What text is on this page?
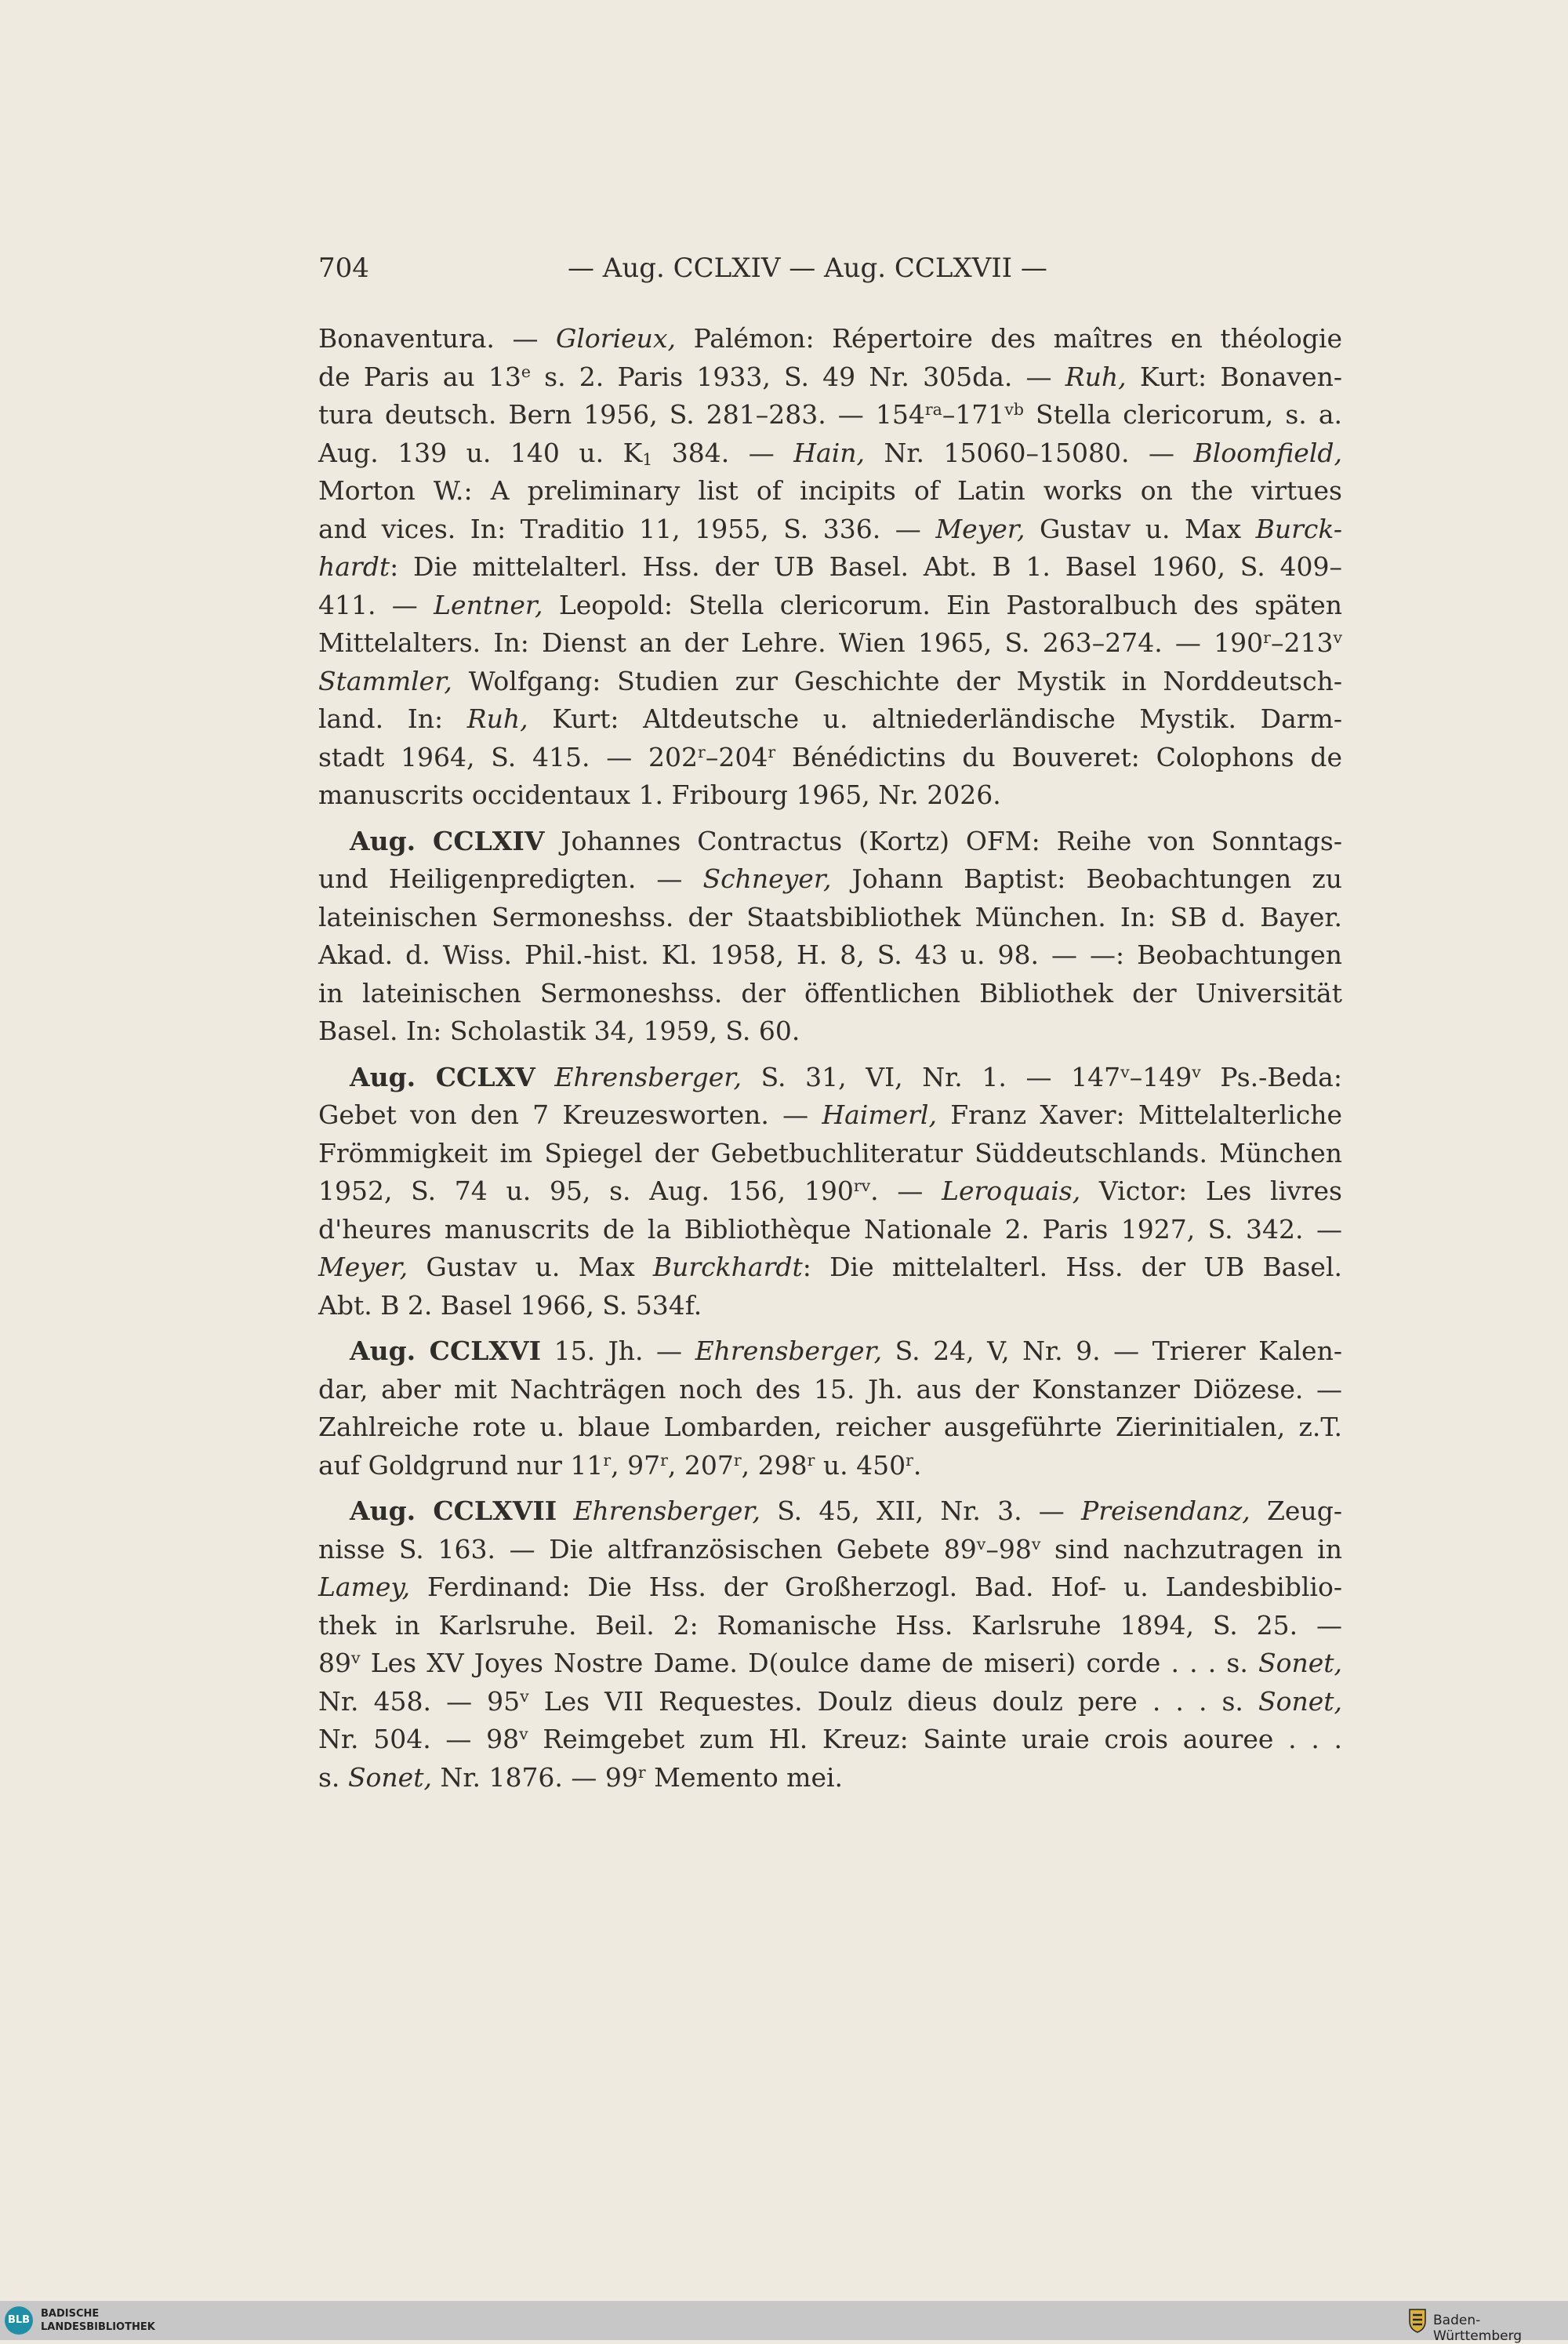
704	— Aug. CCLXIV — Aug. CCLXVII —
Bonaventura. — Glorieux, Palémon: Répertoire des maîtres en théologie
de Paris au 13e s. 2. Paris 1933, S. 49 Nr. 305da. — Ruh, Kurt: Bonaven-
tura deutsch. Bern 1956, S. 281–283. — $154^{ra}-171^{vb}$ Stella clericorum, s. a.
Aug. 139 u. 140 u. $K_1$ 384. — Hain, Nr. 15060–15080. — Bloomfield,
Morton W.: A preliminary list of incipits of Latin works on the virtues
and vices. In: Traditio 11, 1955, S. 336. — Meyer, Gustav u. Max Burck-
hardt: Die mittelalterl. Hss. der UB Basel. Abt. B 1. Basel 1960, S. 409–
411. — Lentner, Leopold: Stella clericorum. Ein Pastoralbuch des späten
Mittelalters. In: Dienst an der Lehre. Wien 1965, S. 263–274. — 190$^r$–213$^v$
Stammler, Wolfgang: Studien zur Geschichte der Mystik in Norddeutsch-
land. In: Ruh, Kurt: Altdeutsche u. altniederländische Mystik. Darm-
stadt 1964, S. 415. — 202$^r$–204$^r$ Bénédictins du Bouveret: Colophons de
manuscrits occidentaux 1. Fribourg 1965, Nr. 2026.
Aug. CCLXIV Johannes Contractus (Kortz) OFM: Reihe von Sonntags-
und Heiligenpredigten. — Schneyer, Johann Baptist: Beobachtungen zu
lateinischen Sermoneshss. der Staatsbibliothek München. In: SB d. Bayer.
Akad. d. Wiss. Phil.-hist. Kl. 1958, H. 8, S. 43 u. 98. — —: Beobachtungen
in lateinischen Sermoneshss. der öffentlichen Bibliothek der Universität
Basel. In: Scholastik 34, 1959, S. 60.
Aug. CCLXV Ehrensberger, S. 31, VI, Nr. 1. — 147$^v$–149$^v$ Ps.-Beda:
Gebet von den 7 Kreuzesworten. — Haimerl, Franz Xaver: Mittelalterliche
Frömmigkeit im Spiegel der Gebetbuchliteratur Süddeutschlands. München
1952, S. 74 u. 95, s. Aug. 156, $190^{rv}$. — Leroquais, Victor: Les livres
d'heures manuscrits de la Bibliothèque Nationale 2. Paris 1927, S. 342. —
Meyer, Gustav u. Max Burckhardt: Die mittelalterl. Hss. der UB Basel.
Abt. B 2. Basel 1966, S. 534f.
Aug. CCLXVI 15. Jh. — Ehrensberger, S. 24, V, Nr. 9. — Trierer Kalen-
dar, aber mit Nachträgen noch des 15. Jh. aus der Konstanzer Diözese. —
Zahlreiche rote u. blaue Lombarden, reicher ausgeführte Zierinitialen, z.T.
auf Goldgrund nur 11$^r$, 97$^r$, 207$^r$, 298$^r$ u. 450$^r$.
Aug. CCLXVII Ehrensberger, S. 45, XII, Nr. 3. — Preisendanz, Zeug-
nisse S. 163. — Die altfranzösischen Gebete 89$^v$–98$^v$ sind nachzutragen in
Lamey, Ferdinand: Die Hss. der Großherzogl. Bad. Hof- u. Landesbiblio-
thek in Karlsruhe. Beil. 2: Romanische Hss. Karlsruhe 1894, S. 25. —
89$^v$ Les XV Joyes Nostre Dame. D(oulce dame de miseri) corde . . . s. Sonet,
Nr. 458. — 95$^v$ Les VII Requestes. Doulz dieus doulz pere . . . s. Sonet,
Nr. 504. — 98$^v$ Reimgebet zum Hl. Kreuz: Sainte uraie crois aouree . . .
s. Sonet, Nr. 1876. — 99$^r$ Memento mei.
BLB
BADISCHE
LANDESBIBLIOTHEK	Baden-Württemberg
